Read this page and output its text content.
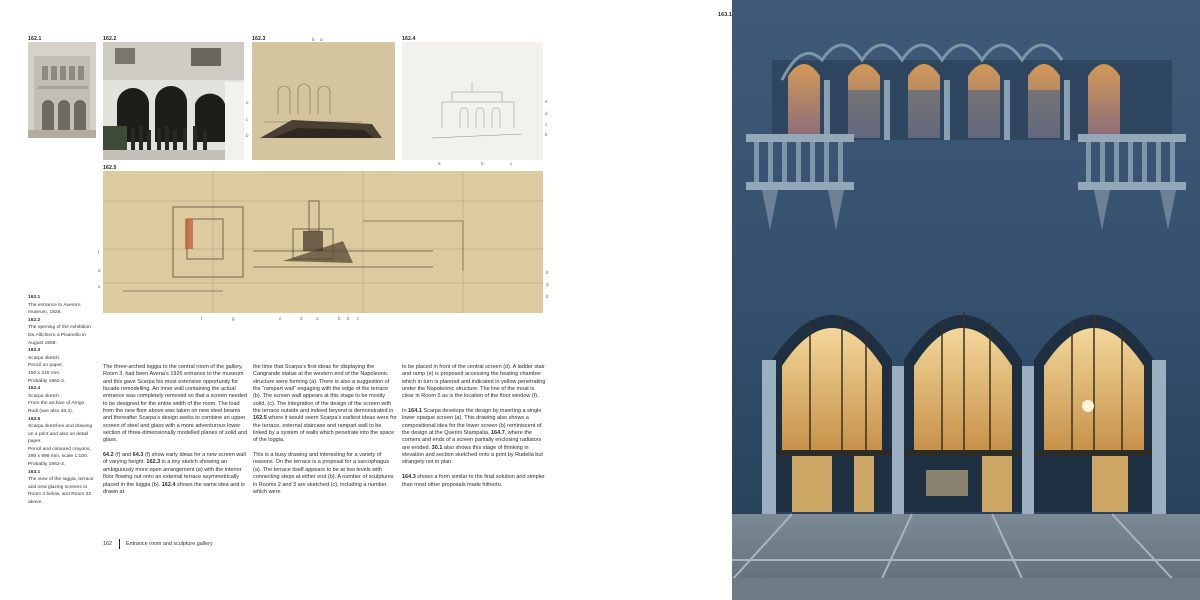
162.1	162.2	162.3	b a
e
c
b
162.4
e
d
c
b
a	b	c
162.5
f
d
e
b
d
b
f	g	e	d	a	b b c
162.1
The entrance to Avena’s
museum, 1926.
162.2
The opening of the exhibition
Da Altichiero a Pisanello in
August 1958.
162.3
Scarpa sketch.
Pencil on paper,
150 x 210 mm.
Probably 1962-3.
162.4
Scarpa sketch.
From the archive of Arrigo
Rudi (see also 48.4).
162.5
Scarpa sketches and drawing
on a print and also on detail
paper.
Pencil and coloured crayons,
290 x 998 mm, scale 1:100.
Probably 1962-3.
163.1
The view of the loggia, terrace
and new glazing screens to
Room 3 below, and Room 22
above.

The three-arched loggia to the central room of the gallery, Room 3, had been Avena’s 1926 entrance to the museum and this gave Scarpa his most extensive opportunity for facade remodelling. An inner wall containing the actual entrance was completely removed so that a screen needed to be designed for the entire width of the room. The load from the new floor above was taken on new steel beams and thereafter Scarpa’s design seeks to combine an upper screen of steel and glass with a more adventurous lower section of three-dimensionally modelled planes of solid and glass.

64.2 (f) and 64.3 (f) show early ideas for a new screen wall of varying height. 162.3 is a tiny sketch showing an ambiguously more open arrangement (a) with the interior floor flowing out onto an external terrace asymmetrically placed in the loggia (b). 162.4 shows the same idea and is drawn at

the time that Scarpa’s first ideas for displaying the Cangrande statue at the western end of the Napoleonic structure were forming (a). There is also a suggestion of the “rampart wall” engaging with the edge of the terrace (b). The screen wall appears at this stage to be mostly solid, (c). The integration of the design of the screen with the terrace outside and indeed beyond is demonstrated in 162.5 where it would seem Scarpa’s earliest ideas were for the terrace, external staircase and rampart wall to be linked by a system of walls which penetrate into the space of the loggia.

This is a busy drawing and interesting for a variety of reasons. On the terrace is a proposal for a sarcophagus (a). The terrace itself appears to be at two levels with connecting steps at either end (b). A number of sculptures in Rooms 2 and 3 are sketched (c), including a number which were

to be placed in front of the central screen (d). A ladder stair and ramp (e) is proposed accessing the heating chamber which in turn is planned and indicated in yellow penetrating under the Napoleonic structure. The line of the moat is clear in Room 5 as is the location of the floor window (f).

In 164.1 Scarpa develops the design by inserting a single lower opaque screen (a). This drawing also shows a compositional idea for the lower screen (b) reminiscent of the design at the Querini Stampalia, 164.7, where the corners and ends of a screen partially enclosing radiators are eroded. 30.1 also shows this stage of thinking in elevation and section sketched onto a print by Rudella but strangely not in plan.

164.3 shows a form similar to the final solution and simpler than most other proposals made hitherto.

162	Entrance room and sculpture gallery
163.1
